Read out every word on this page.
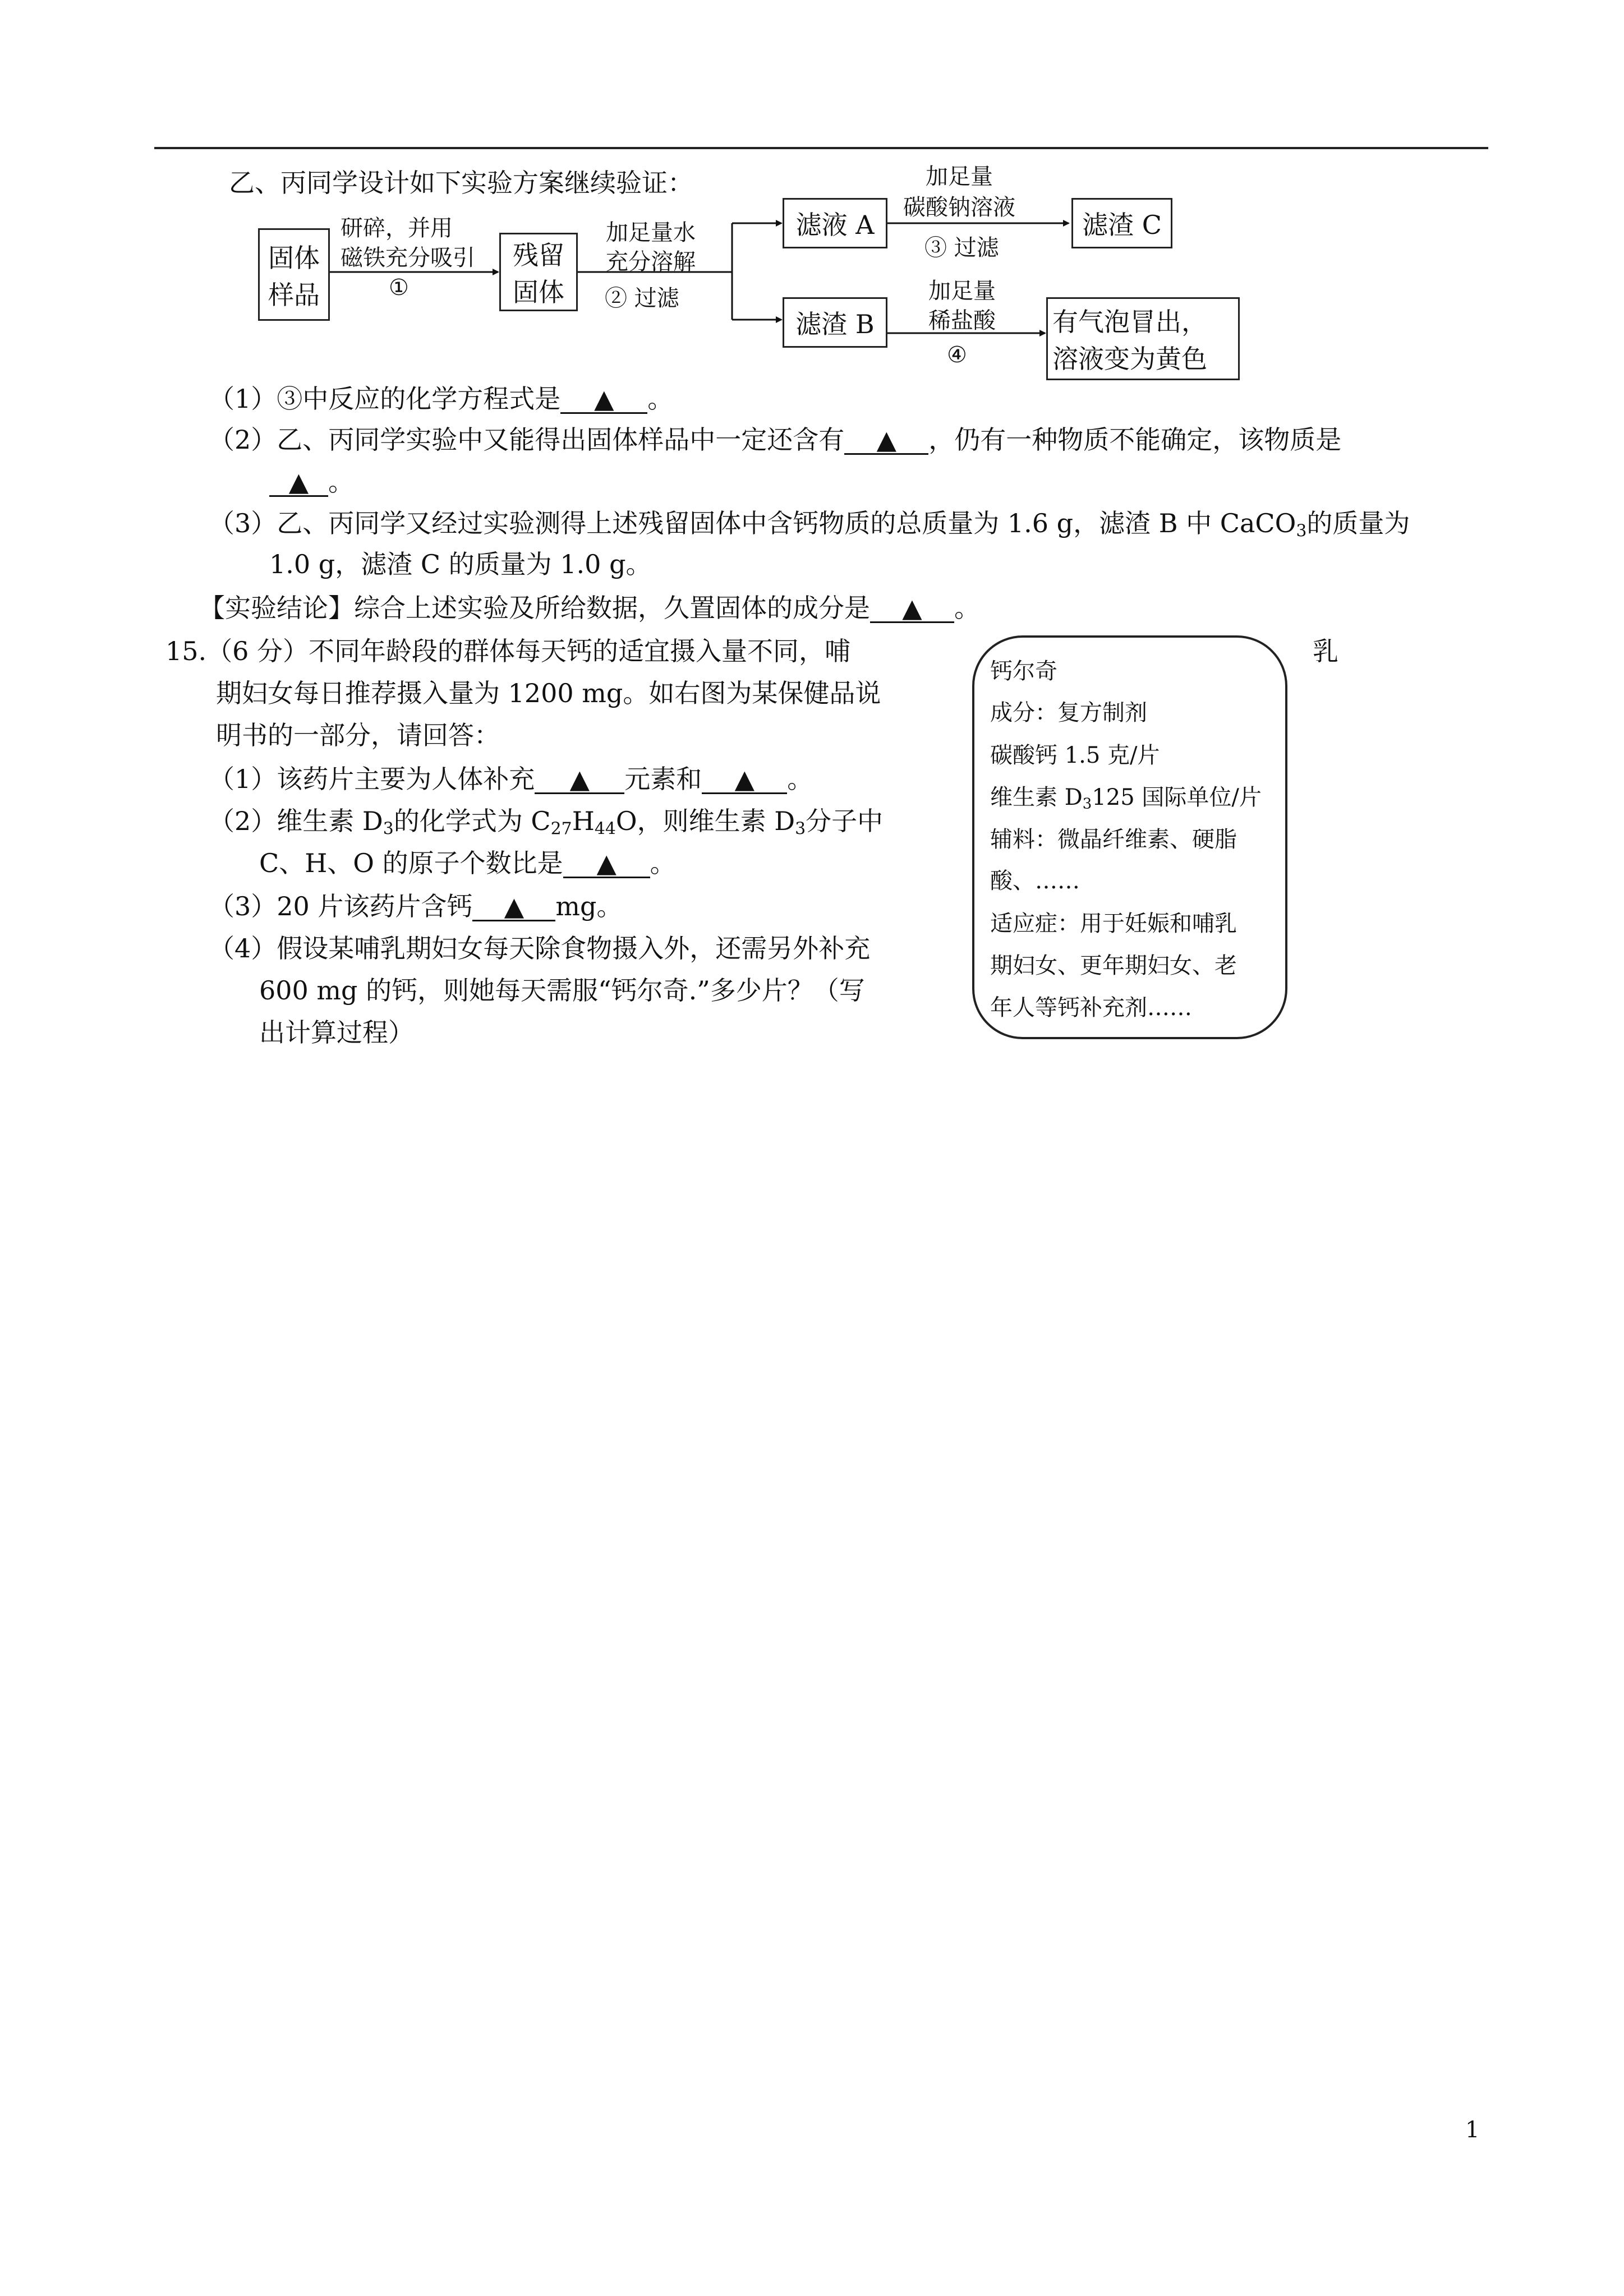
乙、丙同学设计如下实验方案继续验证：
固体
样品
研碎，并用
磁铁充分吸引
①
残留
固体
加足量水
充分溶解
② 过滤
滤液 A
加足量
碳酸钠溶液
③ 过滤
滤渣 C
滤渣 B
加足量
稀盐酸
④
有气泡冒出，
溶液变为黄色
（1）③中反应的化学方程式是 ▲ 。
（2）乙、丙同学实验中又能得出固体样品中一定还含有 ▲ ，仍有一种物质不能确定，该物质是
▲ 。
（3）乙、丙同学又经过实验测得上述残留固体中含钙物质的总质量为 1.6 g，滤渣 B 中 CaCO$_3$的质量为
1.0 g，滤渣 C 的质量为 1.0 g。
【实验结论】综合上述实验及所给数据，久置固体的成分是 ▲ 。
15.（6 分）不同年龄段的群体每天钙的适宜摄入量不同，哺	乳
期妇女每日推荐摄入量为 1200 mg。如右图为某保健品说
明书的一部分，请回答：
（1）该药片主要为人体补充 ▲ 元素和 ▲ 。
（2）维生素 $D_3$的化学式为 $C_{27}H_{44}O$，则维生素 $D_3$分子中
C、H、O 的原子个数比是 ▲ 。
（3）20 片该药片含钙 ▲ mg。
（4）假设某哺乳期妇女每天除食物摄入外，还需另外补充
600 mg 的钙，则她每天需服“钙尔奇.”多少片？（写
出计算过程）
钙尔奇
成分：复方制剂
碳酸钙 1.5 克/片
维生素 $D_3125$ 国际单位/片
辅料：微晶纤维素、硬脂
酸、……
适应症：用于妊娠和哺乳
期妇女、更年期妇女、老
年人等钙补充剂……
1
